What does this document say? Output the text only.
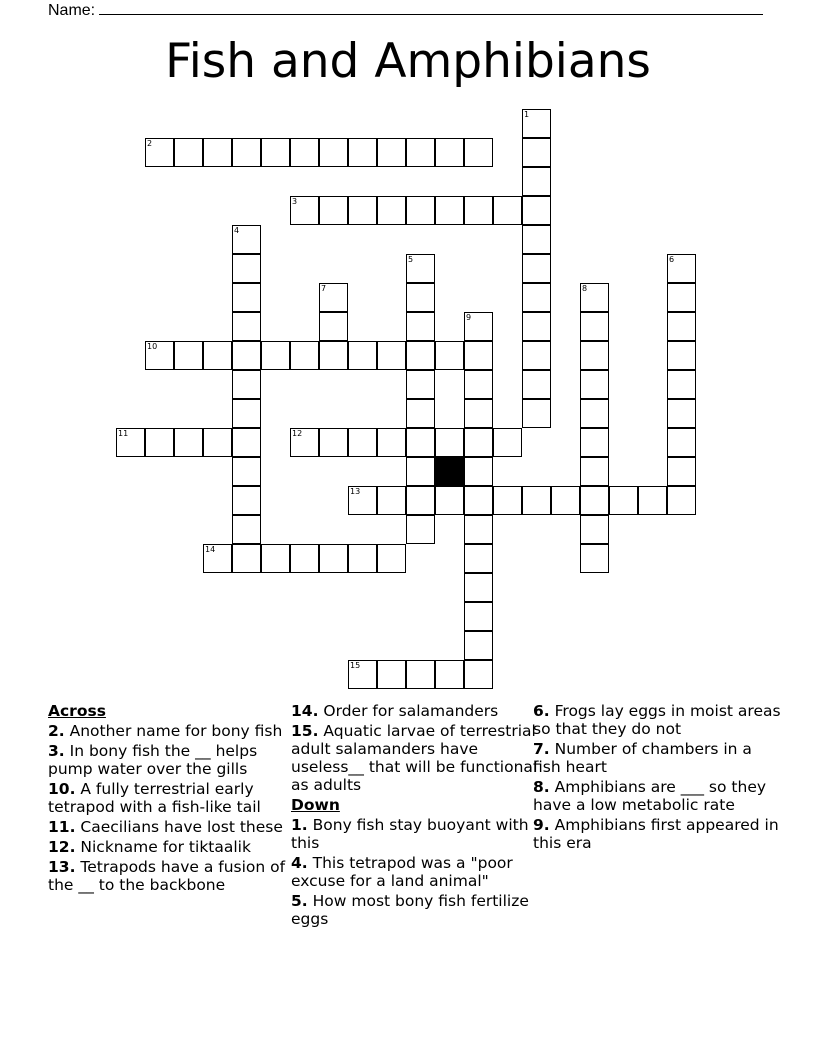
Name:
Fish and Amphibians
1
2
3
4
5	6
7	8
9
10
11	12
13
14
15
Across
2. Another name for bony fish
3. In bony fish the __ helps pump water over the gills
10. A fully terrestrial early tetrapod with a fish-like tail
11. Caecilians have lost these
12. Nickname for tiktaalik
13. Tetrapods have a fusion of the __ to the backbone
14. Order for salamanders
15. Aquatic larvae of terrestrial adult salamanders have useless__ that will be functional as adults
Down
1. Bony fish stay buoyant with this
4. This tetrapod was a "poor excuse for a land animal"
5. How most bony fish fertilize eggs
6. Frogs lay eggs in moist areas so that they do not
7. Number of chambers in a fish heart
8. Amphibians are ___ so they have a low metabolic rate
9. Amphibians first appeared in this era
